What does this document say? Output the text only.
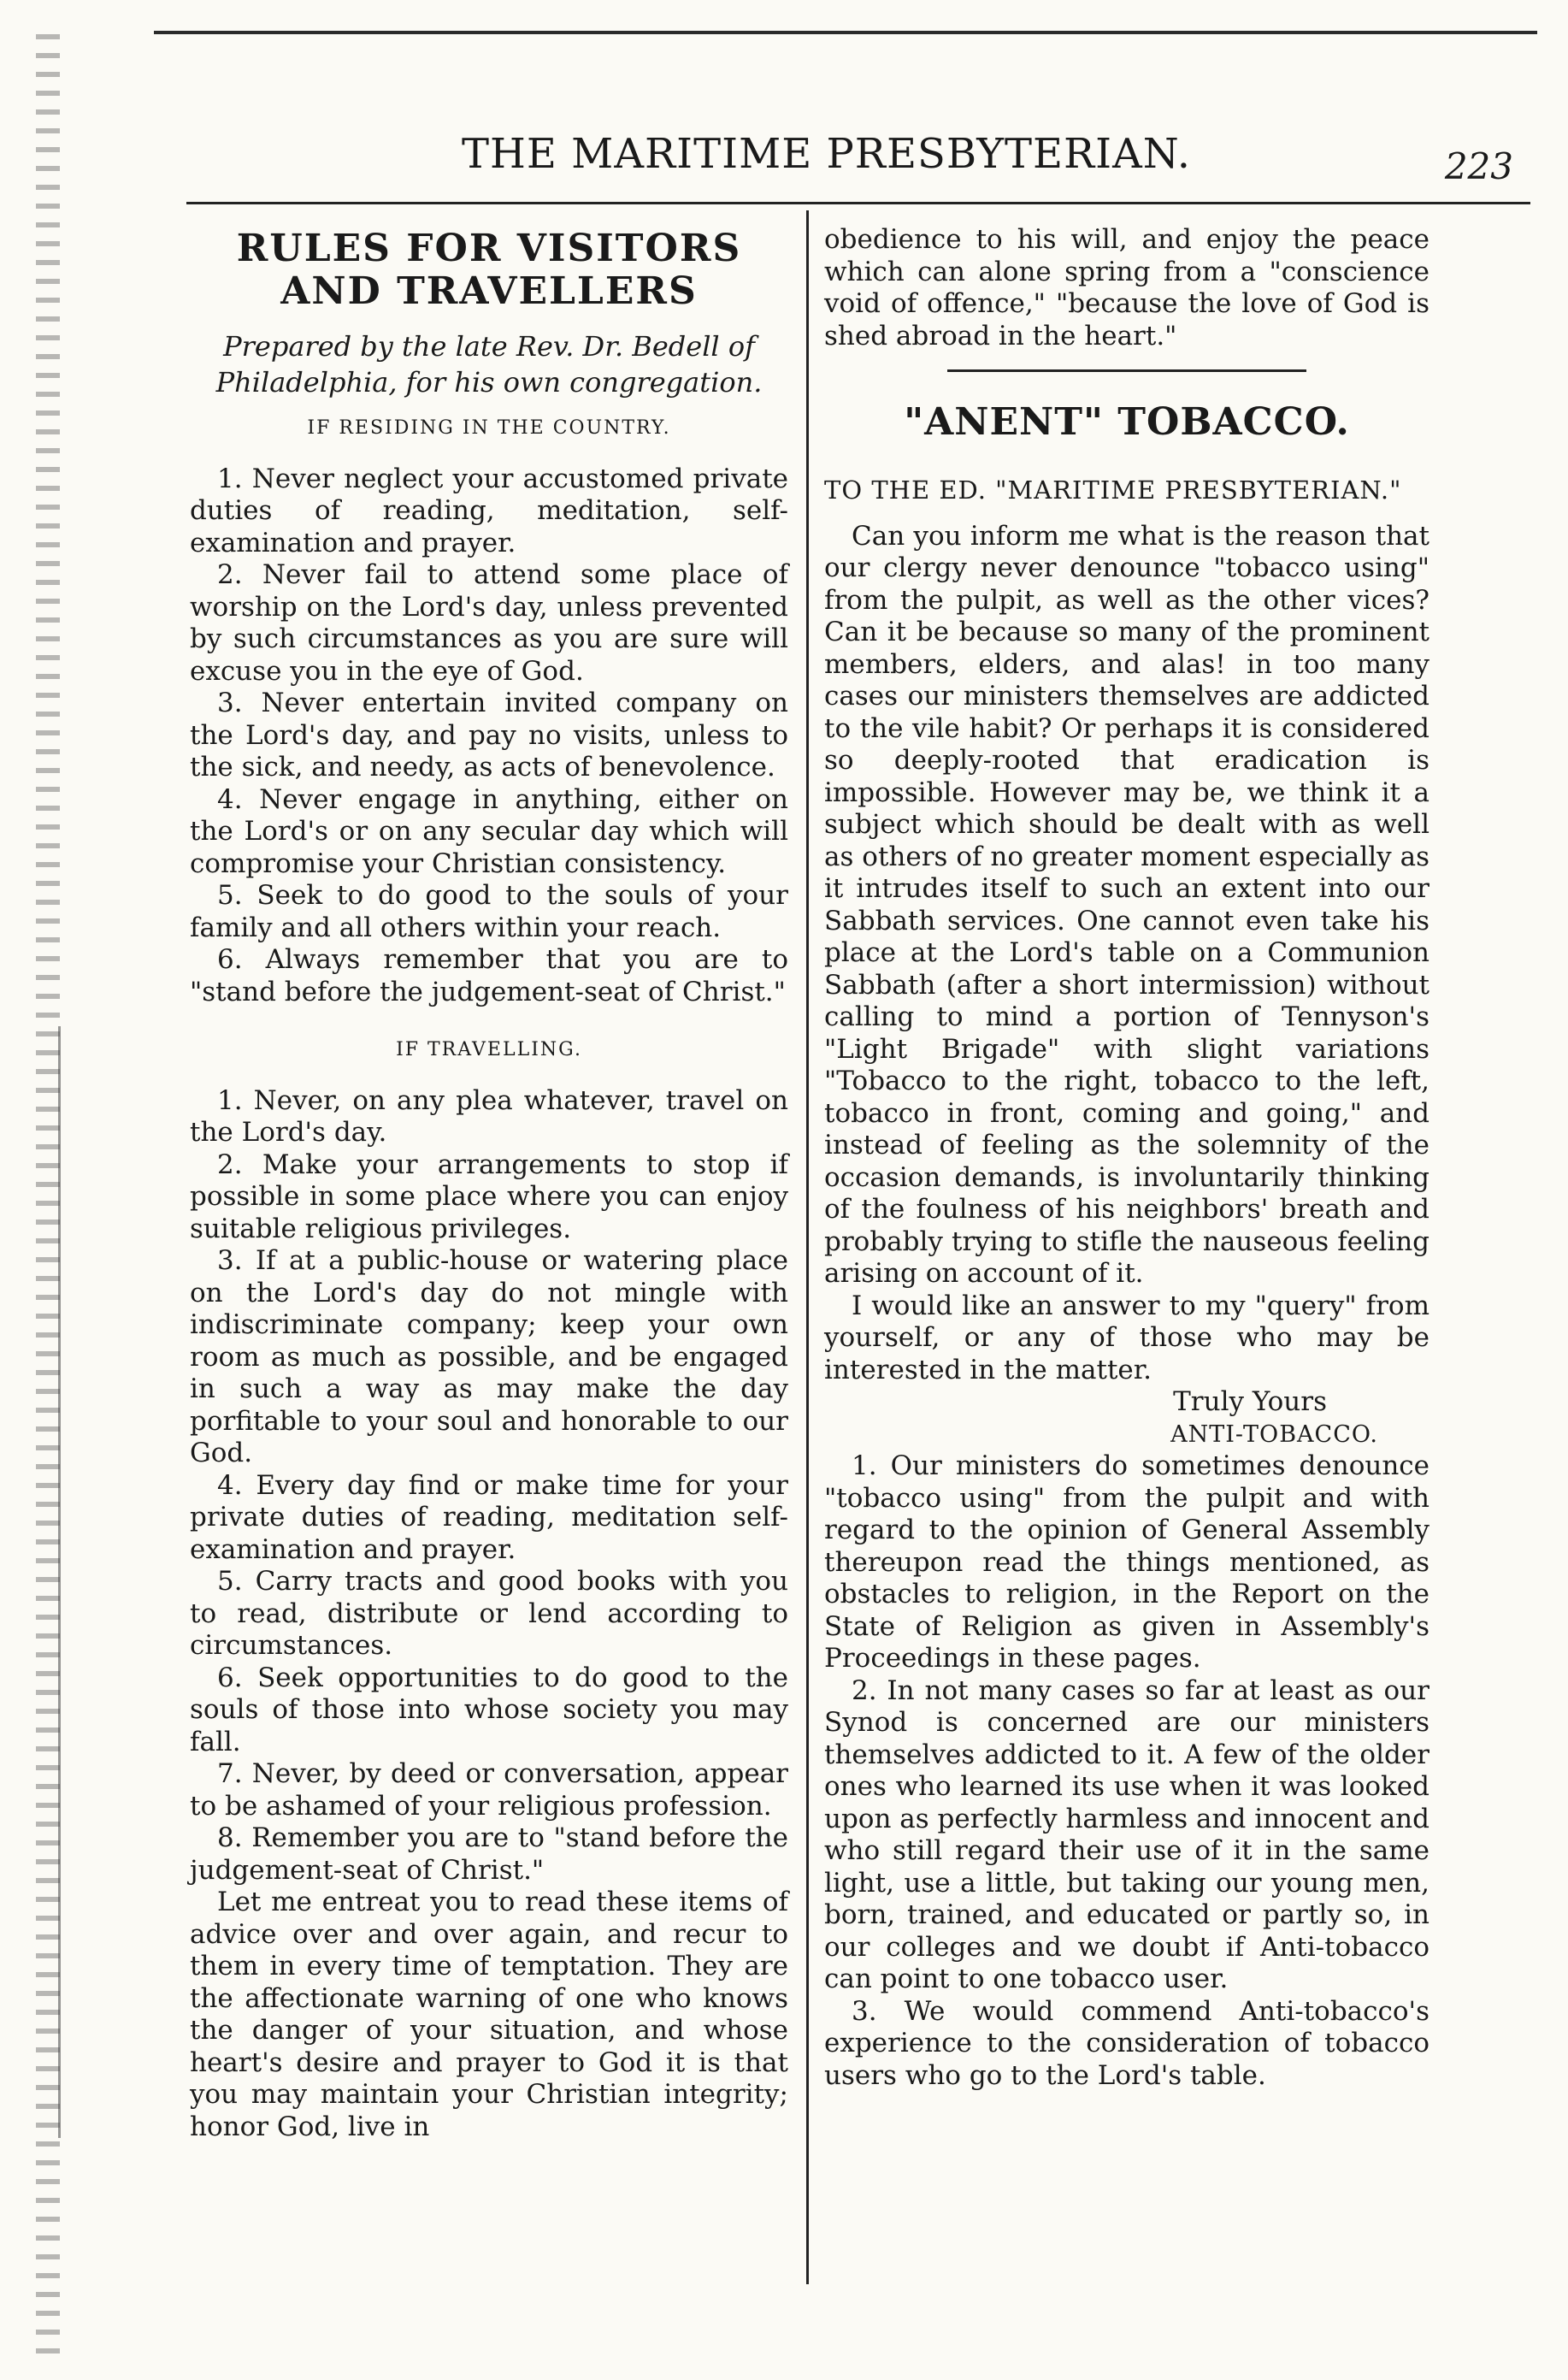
THE MARITIME PRESBYTERIAN.	223
RULES FOR VISITORS AND TRAVELLERS

Prepared by the late Rev. Dr. Bedell of Philadelphia, for his own congregation.

IF RESIDING IN THE COUNTRY.

1. Never neglect your accustomed private duties of reading, meditation, self-examination and prayer.

2. Never fail to attend some place of worship on the Lord's day, unless prevented by such circumstances as you are sure will excuse you in the eye of God.

3. Never entertain invited company on the Lord's day, and pay no visits, unless to the sick, and needy, as acts of benevolence.

4. Never engage in anything, either on the Lord's or on any secular day which will compromise your Christian consistency.

5. Seek to do good to the souls of your family and all others within your reach.

6. Always remember that you are to "stand before the judgement-seat of Christ."

IF TRAVELLING.

1. Never, on any plea whatever, travel on the Lord's day.

2. Make your arrangements to stop if possible in some place where you can enjoy suitable religious privileges.

3. If at a public-house or watering place on the Lord's day do not mingle with indiscriminate company; keep your own room as much as possible, and be engaged in such a way as may make the day porfitable to your soul and honorable to our God.

4. Every day find or make time for your private duties of reading, meditation self-examination and prayer.

5. Carry tracts and good books with you to read, distribute or lend according to circumstances.

6. Seek opportunities to do good to the souls of those into whose society you may fall.

7. Never, by deed or conversation, appear to be ashamed of your religious profession.

8. Remember you are to "stand before the judgement-seat of Christ."

Let me entreat you to read these items of advice over and over again, and recur to them in every time of temptation. They are the affectionate warning of one who knows the danger of your situation, and whose heart's desire and prayer to God it is that you may maintain your Christian integrity; honor God, live in

obedience to his will, and enjoy the peace which can alone spring from a "conscience void of offence," "because the love of God is shed abroad in the heart."

"ANENT" TOBACCO.
TO THE ED. "MARITIME PRESBYTERIAN."

Can you inform me what is the reason that our clergy never denounce "tobacco using" from the pulpit, as well as the other vices? Can it be because so many of the prominent members, elders, and alas! in too many cases our ministers themselves are addicted to the vile habit? Or perhaps it is considered so deeply-rooted that eradication is impossible. However may be, we think it a subject which should be dealt with as well as others of no greater moment especially as it intrudes itself to such an extent into our Sabbath services. One cannot even take his place at the Lord's table on a Communion Sabbath (after a short intermission) without calling to mind a portion of Tennyson's "Light Brigade" with slight variations "Tobacco to the right, tobacco to the left, tobacco in front, coming and going," and instead of feeling as the solemnity of the occasion demands, is involuntarily thinking of the foulness of his neighbors' breath and probably trying to stifle the nauseous feeling arising on account of it.

I would like an answer to my "query" from yourself, or any of those who may be interested in the matter.

Truly Yours

ANTI-TOBACCO.

1. Our ministers do sometimes denounce "tobacco using" from the pulpit and with regard to the opinion of General Assembly thereupon read the things mentioned, as obstacles to religion, in the Report on the State of Religion as given in Assembly's Proceedings in these pages.

2. In not many cases so far at least as our Synod is concerned are our ministers themselves addicted to it. A few of the older ones who learned its use when it was looked upon as perfectly harmless and innocent and who still regard their use of it in the same light, use a little, but taking our young men, born, trained, and educated or partly so, in our colleges and we doubt if Anti-tobacco can point to one tobacco user.

3. We would commend Anti-tobacco's experience to the consideration of tobacco users who go to the Lord's table.
